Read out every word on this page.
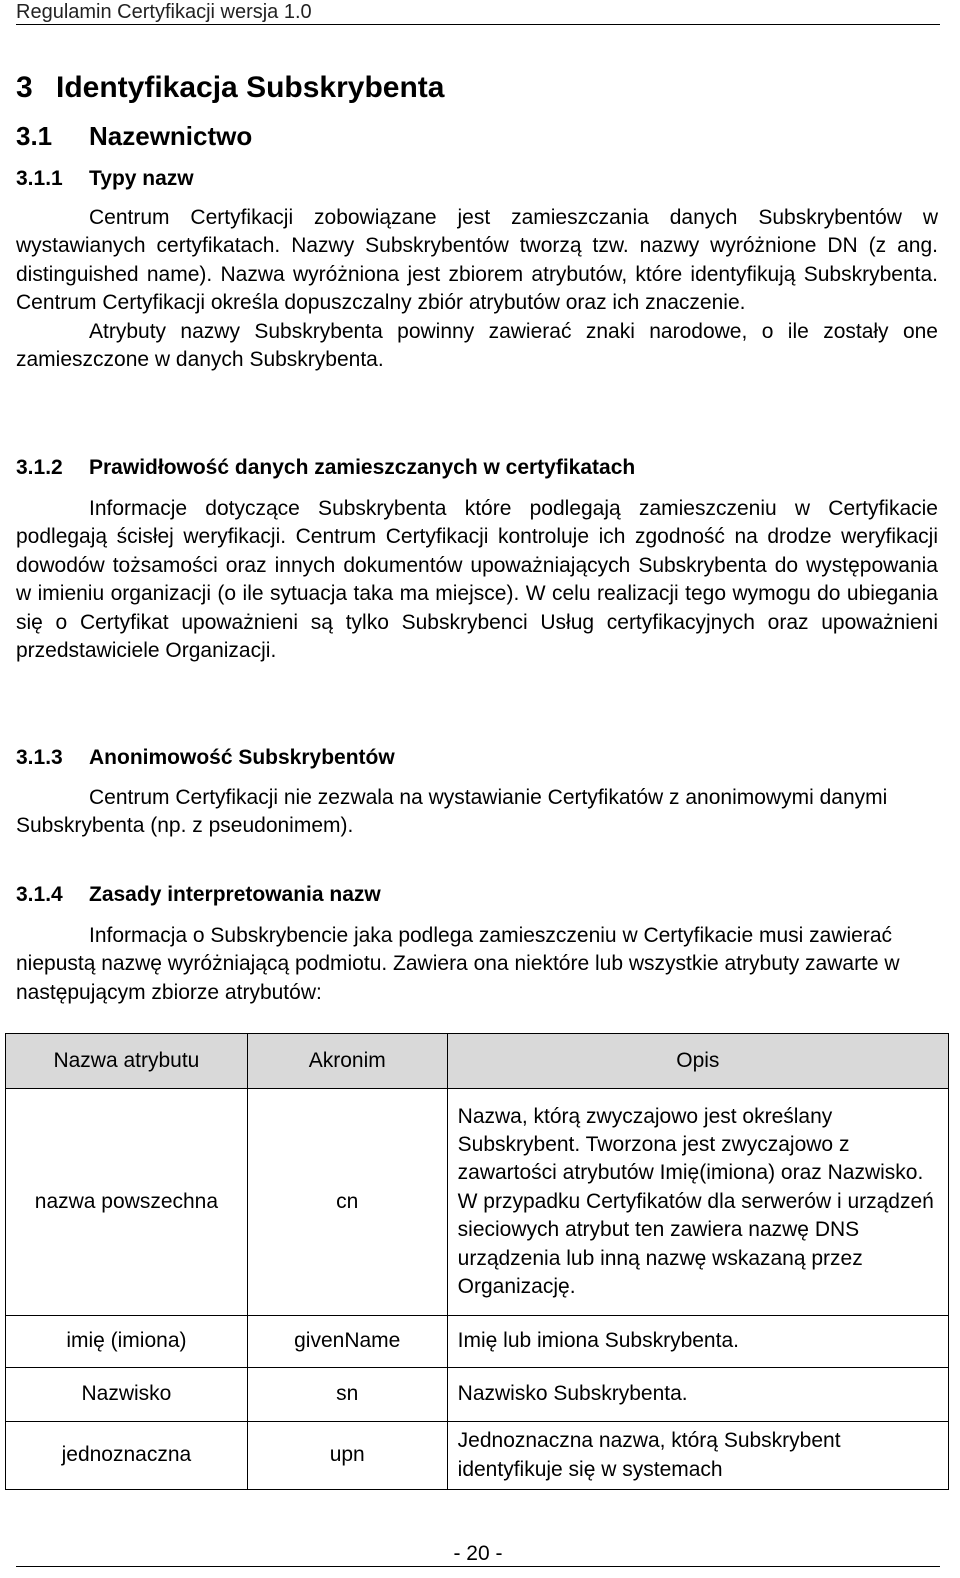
Regulamin Certyfikacji wersja 1.0
3 Identyfikacja Subskrybenta
3.1 Nazewnictwo
3.1.1 Typy nazw

Centrum Certyfikacji zobowiązane jest zamieszczania danych Subskrybentów w wystawianych certyfikatach. Nazwy Subskrybentów tworzą tzw. nazwy wyróżnione DN (z ang. distinguished name). Nazwa wyróżniona jest zbiorem atrybutów, które identyfikują Subskrybenta. Centrum Certyfikacji określa dopuszczalny zbiór atrybutów oraz ich znaczenie.

Atrybuty nazwy Subskrybenta powinny zawierać znaki narodowe, o ile zostały one zamieszczone w danych Subskrybenta.

3.1.2 Prawidłowość danych zamieszczanych w certyfikatach

Informacje dotyczące Subskrybenta które podlegają zamieszczeniu w Certyfikacie podlegają ścisłej weryfikacji. Centrum Certyfikacji kontroluje ich zgodność na drodze weryfikacji dowodów tożsamości oraz innych dokumentów upoważniających Subskrybenta do występowania w imieniu organizacji (o ile sytuacja taka ma miejsce). W celu realizacji tego wymogu do ubiegania się o Certyfikat upoważnieni są tylko Subskrybenci Usług certyfikacyjnych oraz upoważnieni przedstawiciele Organizacji.

3.1.3 Anonimowość Subskrybentów

Centrum Certyfikacji nie zezwala na wystawianie Certyfikatów z anonimowymi danymi Subskrybenta (np. z pseudonimem).

3.1.4 Zasady interpretowania nazw

Informacja o Subskrybencie jaka podlega zamieszczeniu w Certyfikacie musi zawierać niepustą nazwę wyróżniającą podmiotu. Zawiera ona niektóre lub wszystkie atrybuty zawarte w następującym zbiorze atrybutów:

Nazwa atrybutu	Akronim	Opis
nazwa powszechna	cn	Nazwa, którą zwyczajowo jest określany Subskrybent. Tworzona jest zwyczajowo z zawartości atrybutów Imię(imiona) oraz Nazwisko. W przypadku Certyfikatów dla serwerów i urządzeń sieciowych atrybut ten zawiera nazwę DNS urządzenia lub inną nazwę wskazaną przez Organizację.
imię (imiona)	givenName	Imię lub imiona Subskrybenta.
Nazwisko	sn	Nazwisko Subskrybenta.
jednoznaczna	upn	Jednoznaczna nazwa, którą Subskrybent identyfikuje się w systemach
- 20 -
